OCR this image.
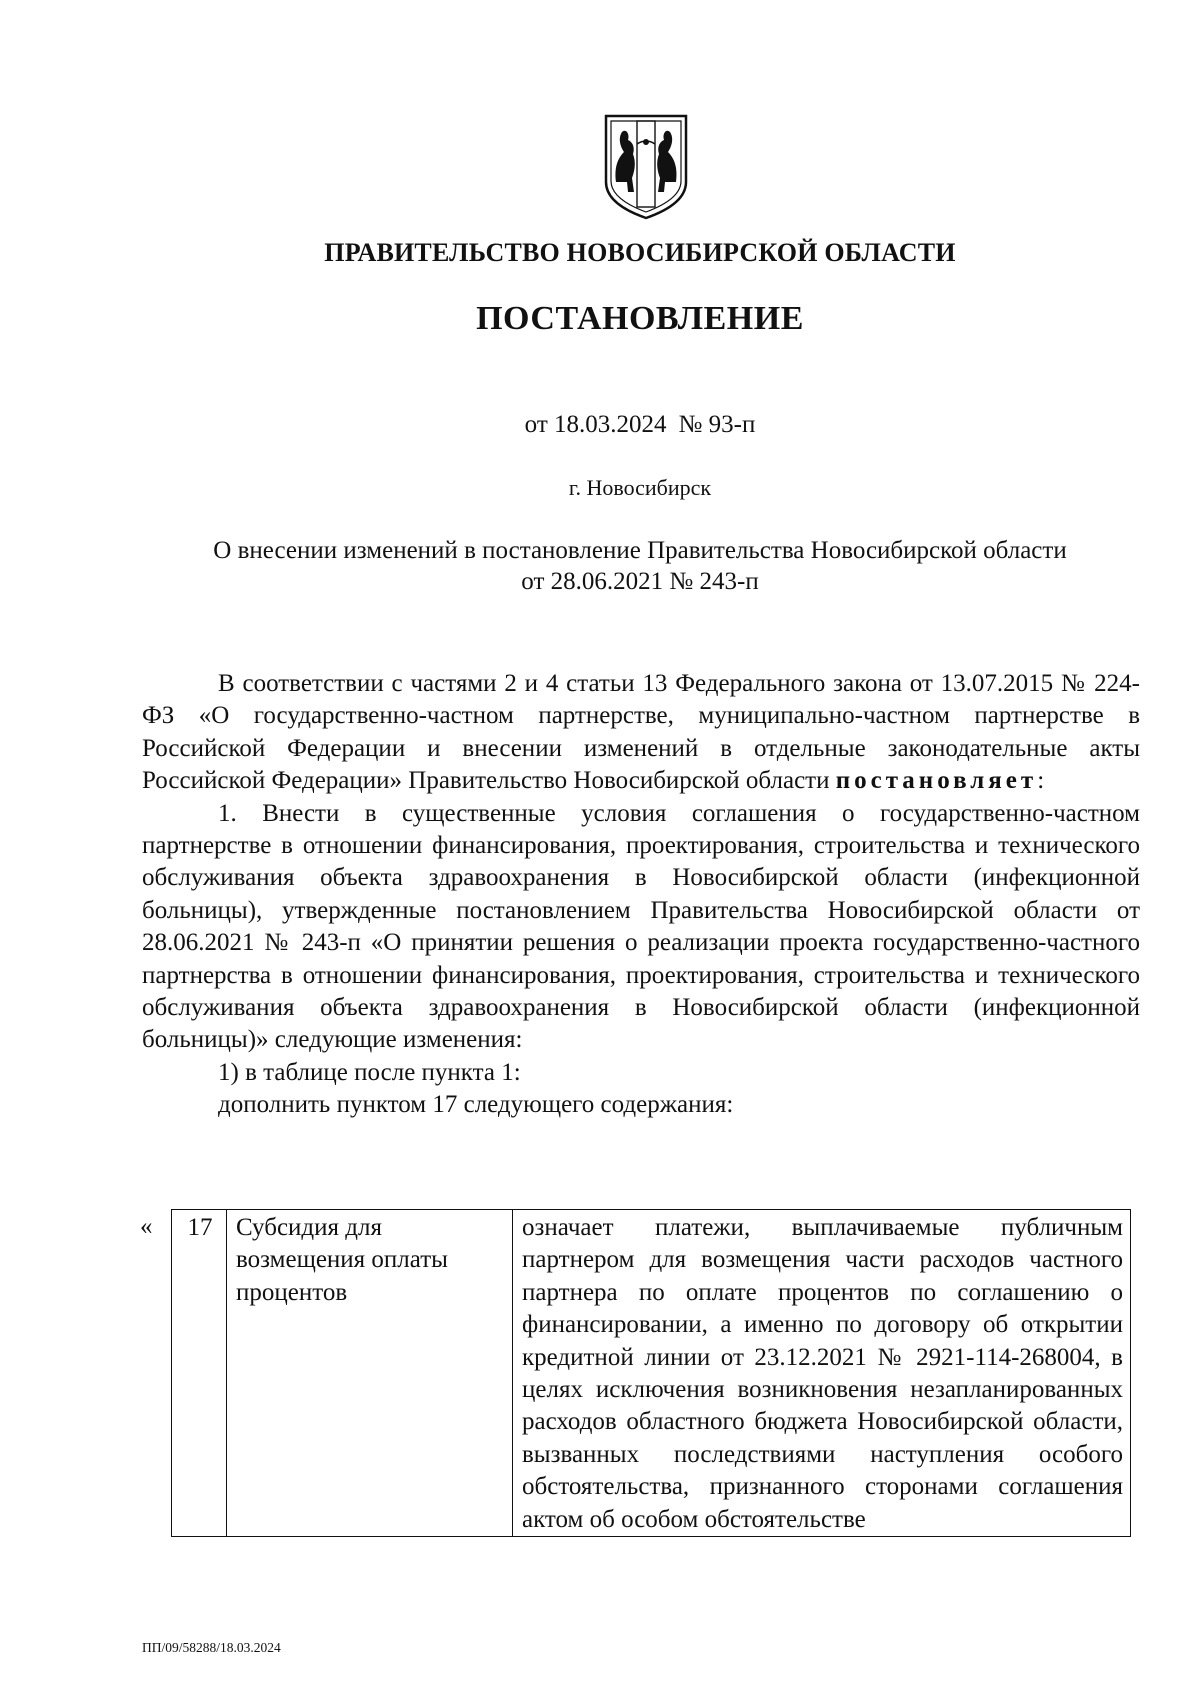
ПРАВИТЕЛЬСТВО НОВОСИБИРСКОЙ ОБЛАСТИ
ПОСТАНОВЛЕНИЕ
от 18.03.2024 № 93-п
г. Новосибирск
О внесении изменений в постановление Правительства Новосибирской области
от 28.06.2021 № 243-п

В соответствии с частями 2 и 4 статьи 13 Федерального закона от 13.07.2015 № 224-ФЗ «О государственно-частном партнерстве, муниципально-частном партнерстве в Российской Федерации и внесении изменений в отдельные законодательные акты Российской Федерации» Правительство Новосибирской области постановляет:

1. Внести в существенные условия соглашения о государственно-частном партнерстве в отношении финансирования, проектирования, строительства и технического обслуживания объекта здравоохранения в Новосибирской области (инфекционной больницы), утвержденные постановлением Правительства Новосибирской области от 28.06.2021 № 243-п «О принятии решения о реализации проекта государственно-частного партнерства в отношении финансирования, проектирования, строительства и технического обслуживания объекта здравоохранения в Новосибирской области (инфекционной больницы)» следующие изменения:

1) в таблице после пункта 1:

дополнить пунктом 17 следующего содержания:

« 17	Субсидия для возмещения оплаты процентов	означает платежи, выплачиваемые публичным партнером для возмещения части расходов частного партнера по оплате процентов по соглашению о финансировании, а именно по договору об открытии кредитной линии от 23.12.2021 № 2921-114-268004, в целях исключения возникновения незапланированных расходов областного бюджета Новосибирской области, вызванных последствиями наступления особого обстоятельства, признанного сторонами соглашения актом об особом обстоятельстве
ПП/09/58288/18.03.2024
